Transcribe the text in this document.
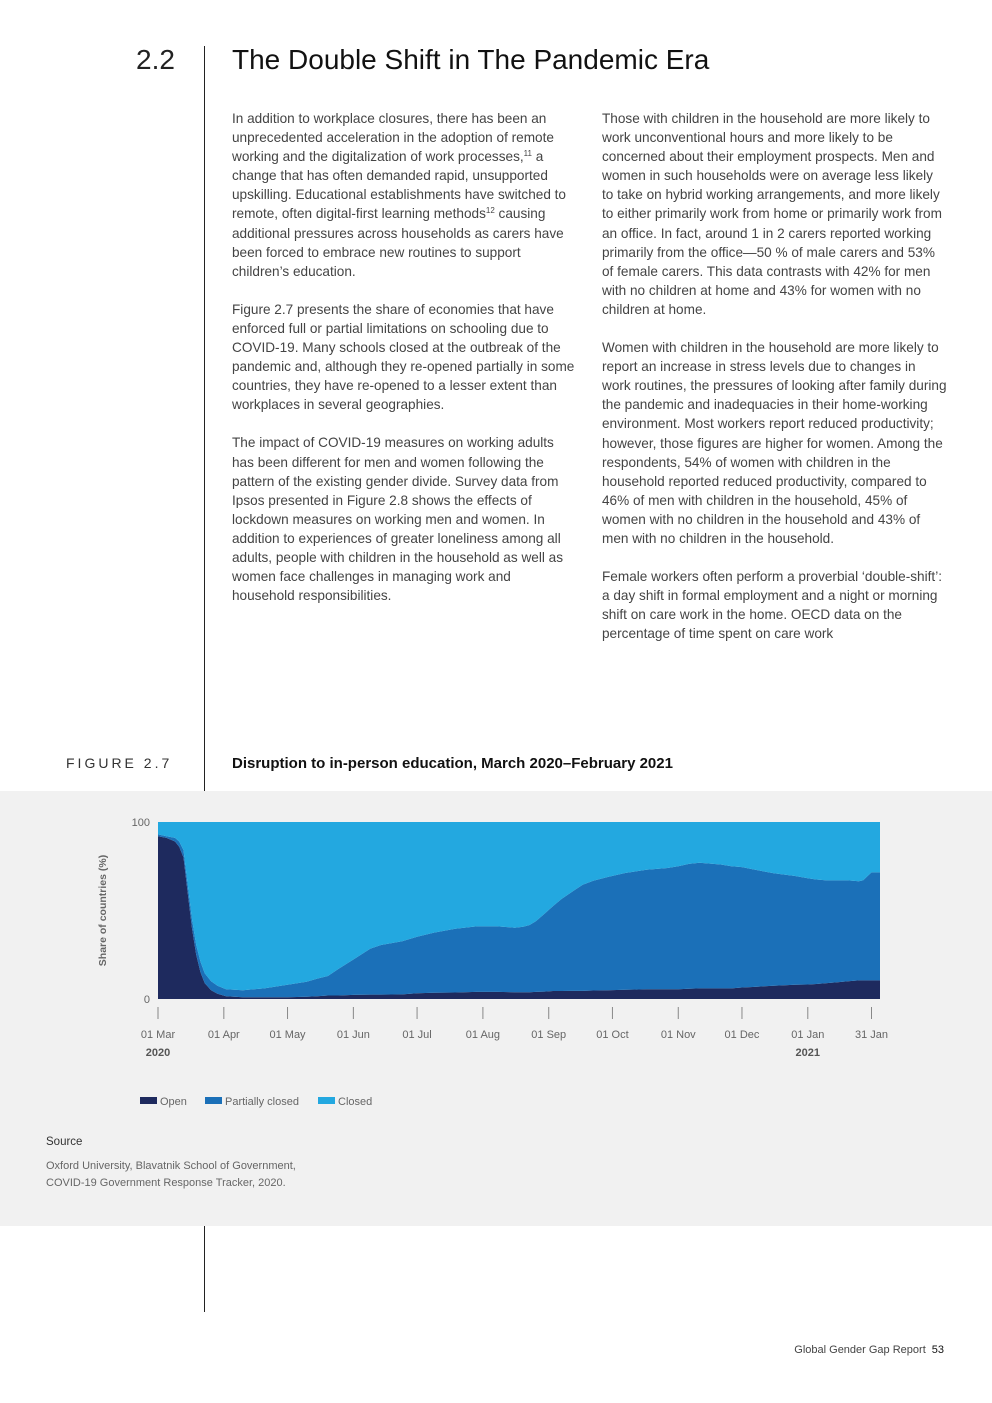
2.2 The Double Shift in The Pandemic Era

In addition to workplace closures, there has been an unprecedented acceleration in the adoption of remote working and the digitalization of work processes,$^{11}$ a change that has often demanded rapid, unsupported upskilling. Educational establishments have switched to remote, often digital-first learning methods$^{12}$ causing additional pressures across households as carers have been forced to embrace new routines to support children’s education.

Figure 2.7 presents the share of economies that have enforced full or partial limitations on schooling due to COVID-19. Many schools closed at the outbreak of the pandemic and, although they re-opened partially in some countries, they have re-opened to a lesser extent than workplaces in several geographies.

The impact of COVID-19 measures on working adults has been different for men and women following the pattern of the existing gender divide. Survey data from Ipsos presented in Figure 2.8 shows the effects of lockdown measures on working men and women. In addition to experiences of greater loneliness among all adults, people with children in the household as well as women face challenges in managing work and household responsibilities.

Those with children in the household are more likely to work unconventional hours and more likely to be concerned about their employment prospects. Men and women in such households were on average less likely to take on hybrid working arrangements, and more likely to either primarily work from home or primarily work from an office. In fact, around 1 in 2 carers reported working primarily from the office—50 % of male carers and 53% of female carers. This data contrasts with 42% for men with no children at home and 43% for women with no children at home.

Women with children in the household are more likely to report an increase in stress levels due to changes in work routines, the pressures of looking after family during the pandemic and inadequacies in their home-working environment. Most workers report reduced productivity; however, those figures are higher for women. Among the respondents, 54% of women with children in the household reported reduced productivity, compared to 46% of men with children in the household, 45% of women with no children in the household and 43% of men with no children in the household.

Female workers often perform a proverbial ‘double-shift’: a day shift in formal employment and a night or morning shift on care work in the home. OECD data on the percentage of time spent on care work

FIGURE 2.7	Disruption to in-person education, March 2020–February 2021
0
100
Share of countries (%)
01 Mar	01 Apr	01 May	01 Jun	01 Jul	01 Aug	01 Sep	01 Oct	01 Nov	01 Dec	01 Jan	31 Jan
2020	2021
Open	Partially closed	Closed
Source
Oxford University, Blavatnik School of Government,
COVID-19 Government Response Tracker, 2020.
Global Gender Gap Report 53
